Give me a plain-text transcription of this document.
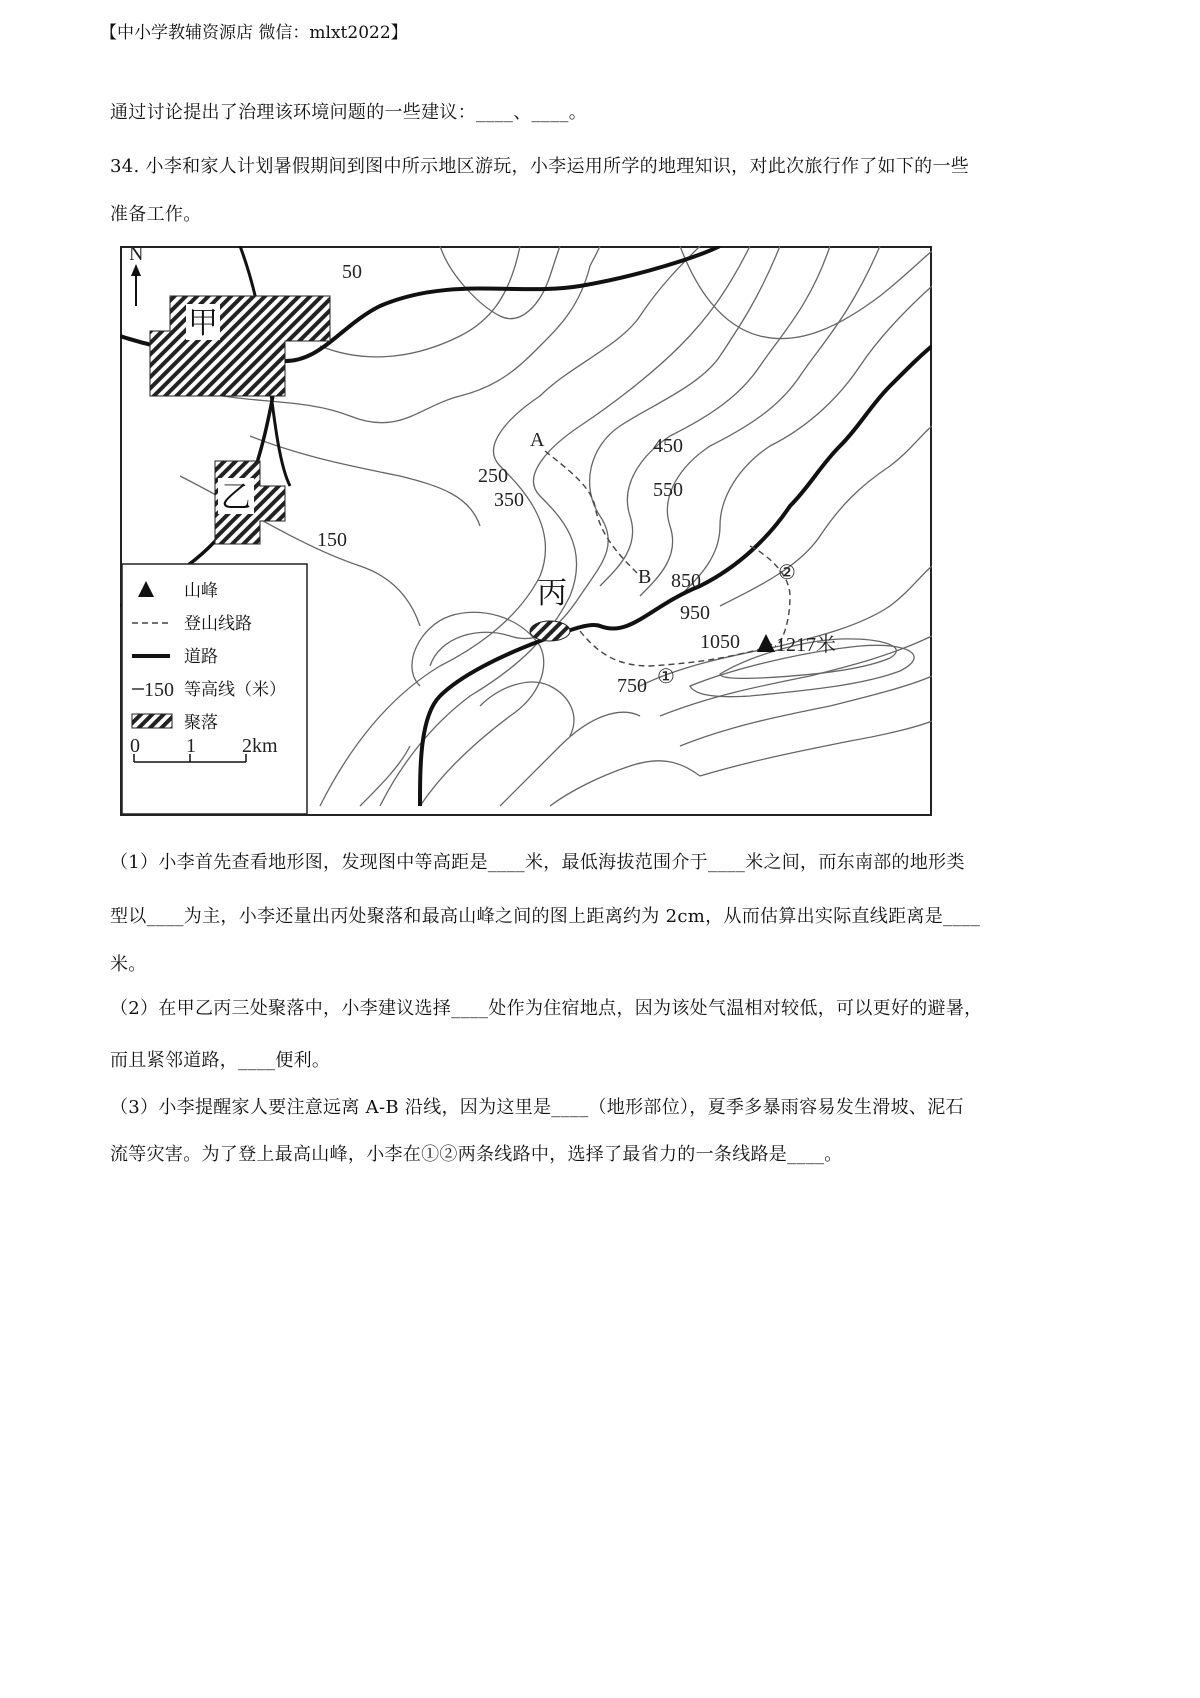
【中小学教辅资源店 微信：mlxt2022】
通过讨论提出了治理该环境问题的一些建议：____、____。
34. 小李和家人计划暑假期间到图中所示地区游玩，小李运用所学的地理知识，对此次旅行作了如下的一些
准备工作。
甲
乙
丙
N
50
150
250
350
450
550
750
850
950
1050
A
B
①
②
1217米
山峰
登山线路
道路
150 等高线（米）
聚落
0 1 2km
（1）小李首先查看地形图，发现图中等高距是____米，最低海拔范围介于____米之间，而东南部的地形类
型以____为主，小李还量出丙处聚落和最高山峰之间的图上距离约为 2cm，从而估算出实际直线距离是____
米。
（2）在甲乙丙三处聚落中，小李建议选择____处作为住宿地点，因为该处气温相对较低，可以更好的避暑，
而且紧邻道路，____便利。
（3）小李提醒家人要注意远离 A-B 沿线，因为这里是____（地形部位），夏季多暴雨容易发生滑坡、泥石
流等灾害。为了登上最高山峰，小李在①②两条线路中，选择了最省力的一条线路是____。
